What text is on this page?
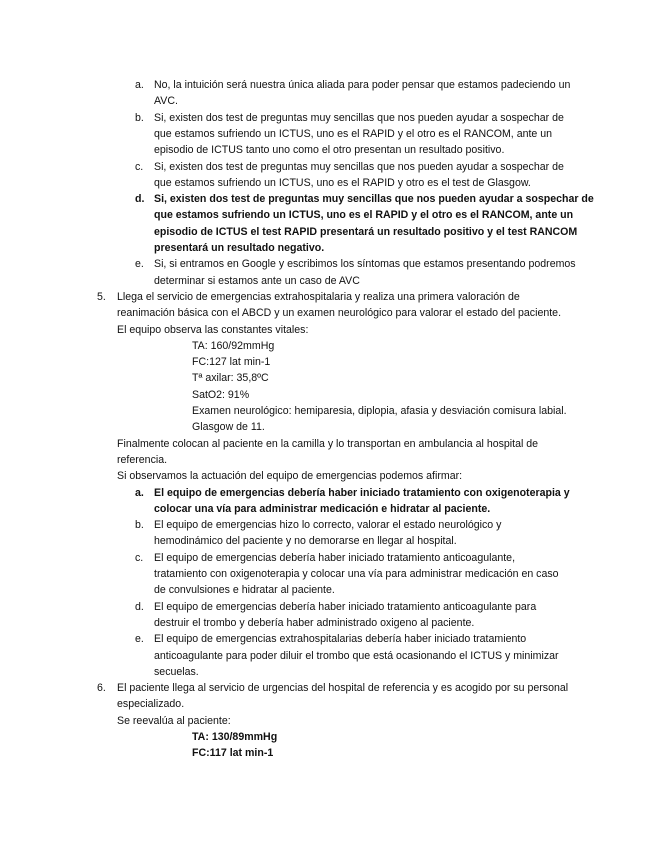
a. No, la intuición será nuestra única aliada para poder pensar que estamos padeciendo un
AVC.
b. Si, existen dos test de preguntas muy sencillas que nos pueden ayudar a sospechar de
que estamos sufriendo un ICTUS, uno es el RAPID y el otro es el RANCOM, ante un
episodio de ICTUS tanto uno como el otro presentan un resultado positivo.
c. Si, existen dos test de preguntas muy sencillas que nos pueden ayudar a sospechar de
que estamos sufriendo un ICTUS, uno es el RAPID y otro es el test de Glasgow.
d. Si, existen dos test de preguntas muy sencillas que nos pueden ayudar a sospechar de
que estamos sufriendo un ICTUS, uno es el RAPID y el otro es el RANCOM, ante un
episodio de ICTUS el test RAPID presentará un resultado positivo y el test RANCOM
presentará un resultado negativo.
e. Si, si entramos en Google y escribimos los síntomas que estamos presentando podremos
determinar si estamos ante un caso de AVC
5. Llega el servicio de emergencias extrahospitalaria y realiza una primera valoración de
reanimación básica con el ABCD y un examen neurológico para valorar el estado del paciente.
El equipo observa las constantes vitales:
TA: 160/92mmHg
FC:127 lat min-1
Tª axilar: 35,8ºC
SatO2: 91%
Examen neurológico: hemiparesia, diplopia, afasia y desviación comisura labial.
Glasgow de 11.
Finalmente colocan al paciente en la camilla y lo transportan en ambulancia al hospital de
referencia.
Si observamos la actuación del equipo de emergencias podemos afirmar:
a. El equipo de emergencias debería haber iniciado tratamiento con oxigenoterapia y
colocar una vía para administrar medicación e hidratar al paciente.
b. El equipo de emergencias hizo lo correcto, valorar el estado neurológico y
hemodinámico del paciente y no demorarse en llegar al hospital.
c. El equipo de emergencias debería haber iniciado tratamiento anticoagulante,
tratamiento con oxigenoterapia y colocar una vía para administrar medicación en caso
de convulsiones e hidratar al paciente.
d. El equipo de emergencias debería haber iniciado tratamiento anticoagulante para
destruir el trombo y debería haber administrado oxigeno al paciente.
e. El equipo de emergencias extrahospitalarias debería haber iniciado tratamiento
anticoagulante para poder diluir el trombo que está ocasionando el ICTUS y minimizar
secuelas.
6. El paciente llega al servicio de urgencias del hospital de referencia y es acogido por su personal
especializado.
Se reevalúa al paciente:
TA: 130/89mmHg
FC:117 lat min-1
